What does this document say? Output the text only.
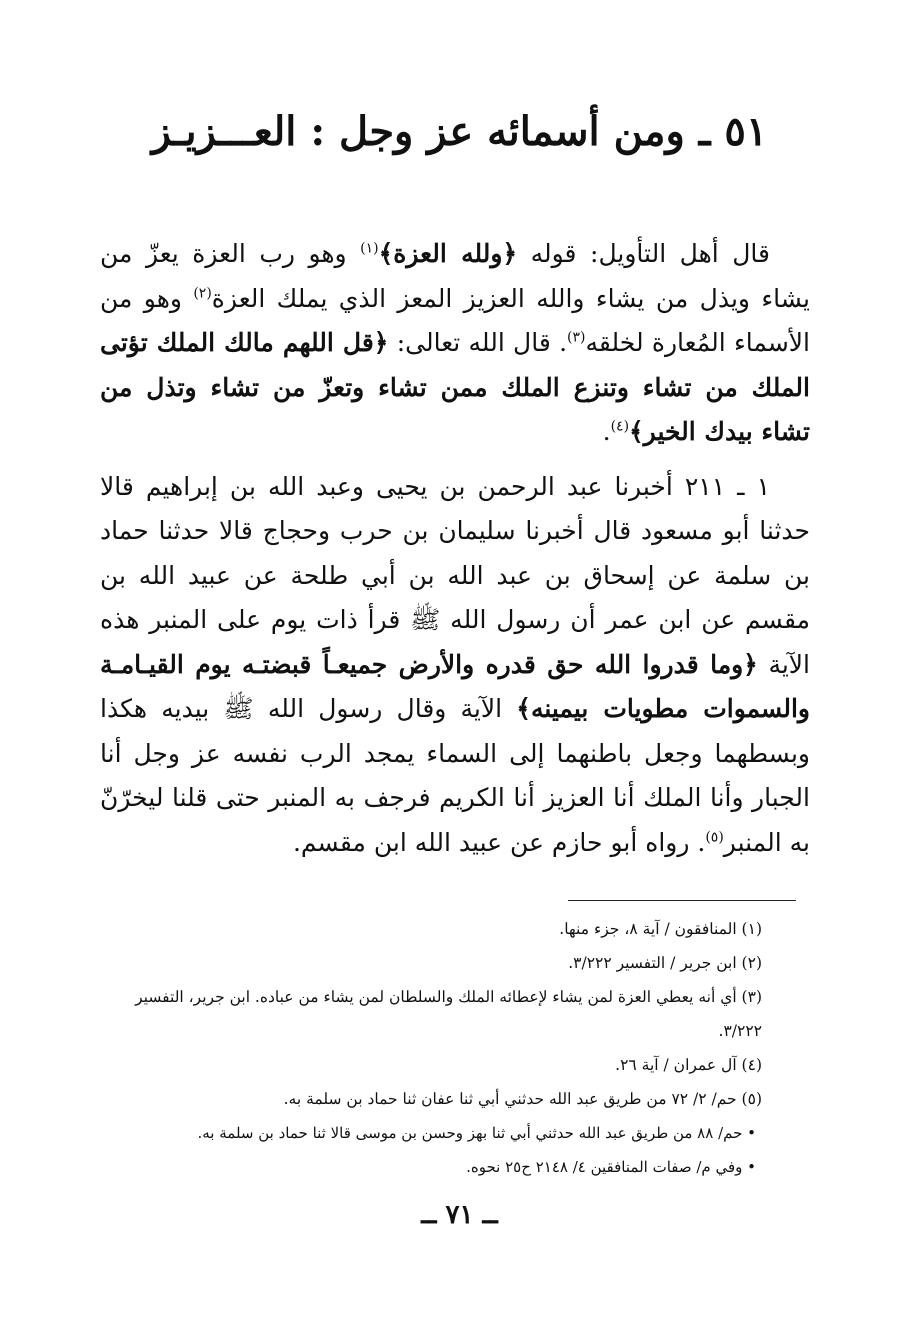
٥١ ـ ومن أسمائه عز وجل : العـــزيـز

قال أهل التأويل: قوله ﴿ولله العزة﴾$^{(١)}$ وهو رب العزة يعزّ من يشاء ويذل من يشاء والله العزيز المعز الذي يملك العزة$^{(٢)}$ وهو من الأسماء المُعارة لخلقه$^{(٣)}$. قال الله تعالى: ﴿قل اللهم مالك الملك تؤتى الملك من تشاء وتنزع الملك ممن تشاء وتعزّ من تشاء وتذل من تشاء بيدك الخير﴾$^{(٤)}$.

١ ـ ٢١١ أخبرنا عبد الرحمن بن يحيى وعبد الله بن إبراهيم قالا حدثنا أبو مسعود قال أخبرنا سليمان بن حرب وحجاج قالا حدثنا حماد بن سلمة عن إسحاق بن عبد الله بن أبي طلحة عن عبيد الله بن مقسم عن ابن عمر أن رسول الله ﷺ قرأ ذات يوم على المنبر هذه الآية ﴿وما قدروا الله حق قدره والأرض جميعـاً قبضتـه يوم القيـامـة والسموات مطويات بيمينه﴾ الآية وقال رسول الله ﷺ بيديه هكذا وبسطهما وجعل باطنهما إلى السماء يمجد الرب نفسه عز وجل أنا الجبار وأنا الملك أنا العزيز أنا الكريم فرجف به المنبر حتى قلنا ليخرّنّ به المنبر$^{(٥)}$. رواه أبو حازم عن عبيد الله ابن مقسم.

(١) المنافقون / آية ٨، جزء منها.
(٢) ابن جرير / التفسير ٣/٢٢٢.
(٣) أي أنه يعطي العزة لمن يشاء لإعطائه الملك والسلطان لمن يشاء من عباده. ابن جرير، التفسير
٣/٢٢٢.
(٤) آل عمران / آية ٢٦.
(٥) حم/ ٢/ ٧٢ من طريق عبد الله حدثني أبي ثنا عفان ثنا حماد بن سلمة به.
• حم/ ٨٨ من طريق عبد الله حدثني أبي ثنا بهز وحسن بن موسى قالا ثنا حماد بن سلمة به.
• وفي م/ صفات المنافقين ٤/ ٢١٤٨ ح٢٥ نحوه.
ــ ٧١ ــ
